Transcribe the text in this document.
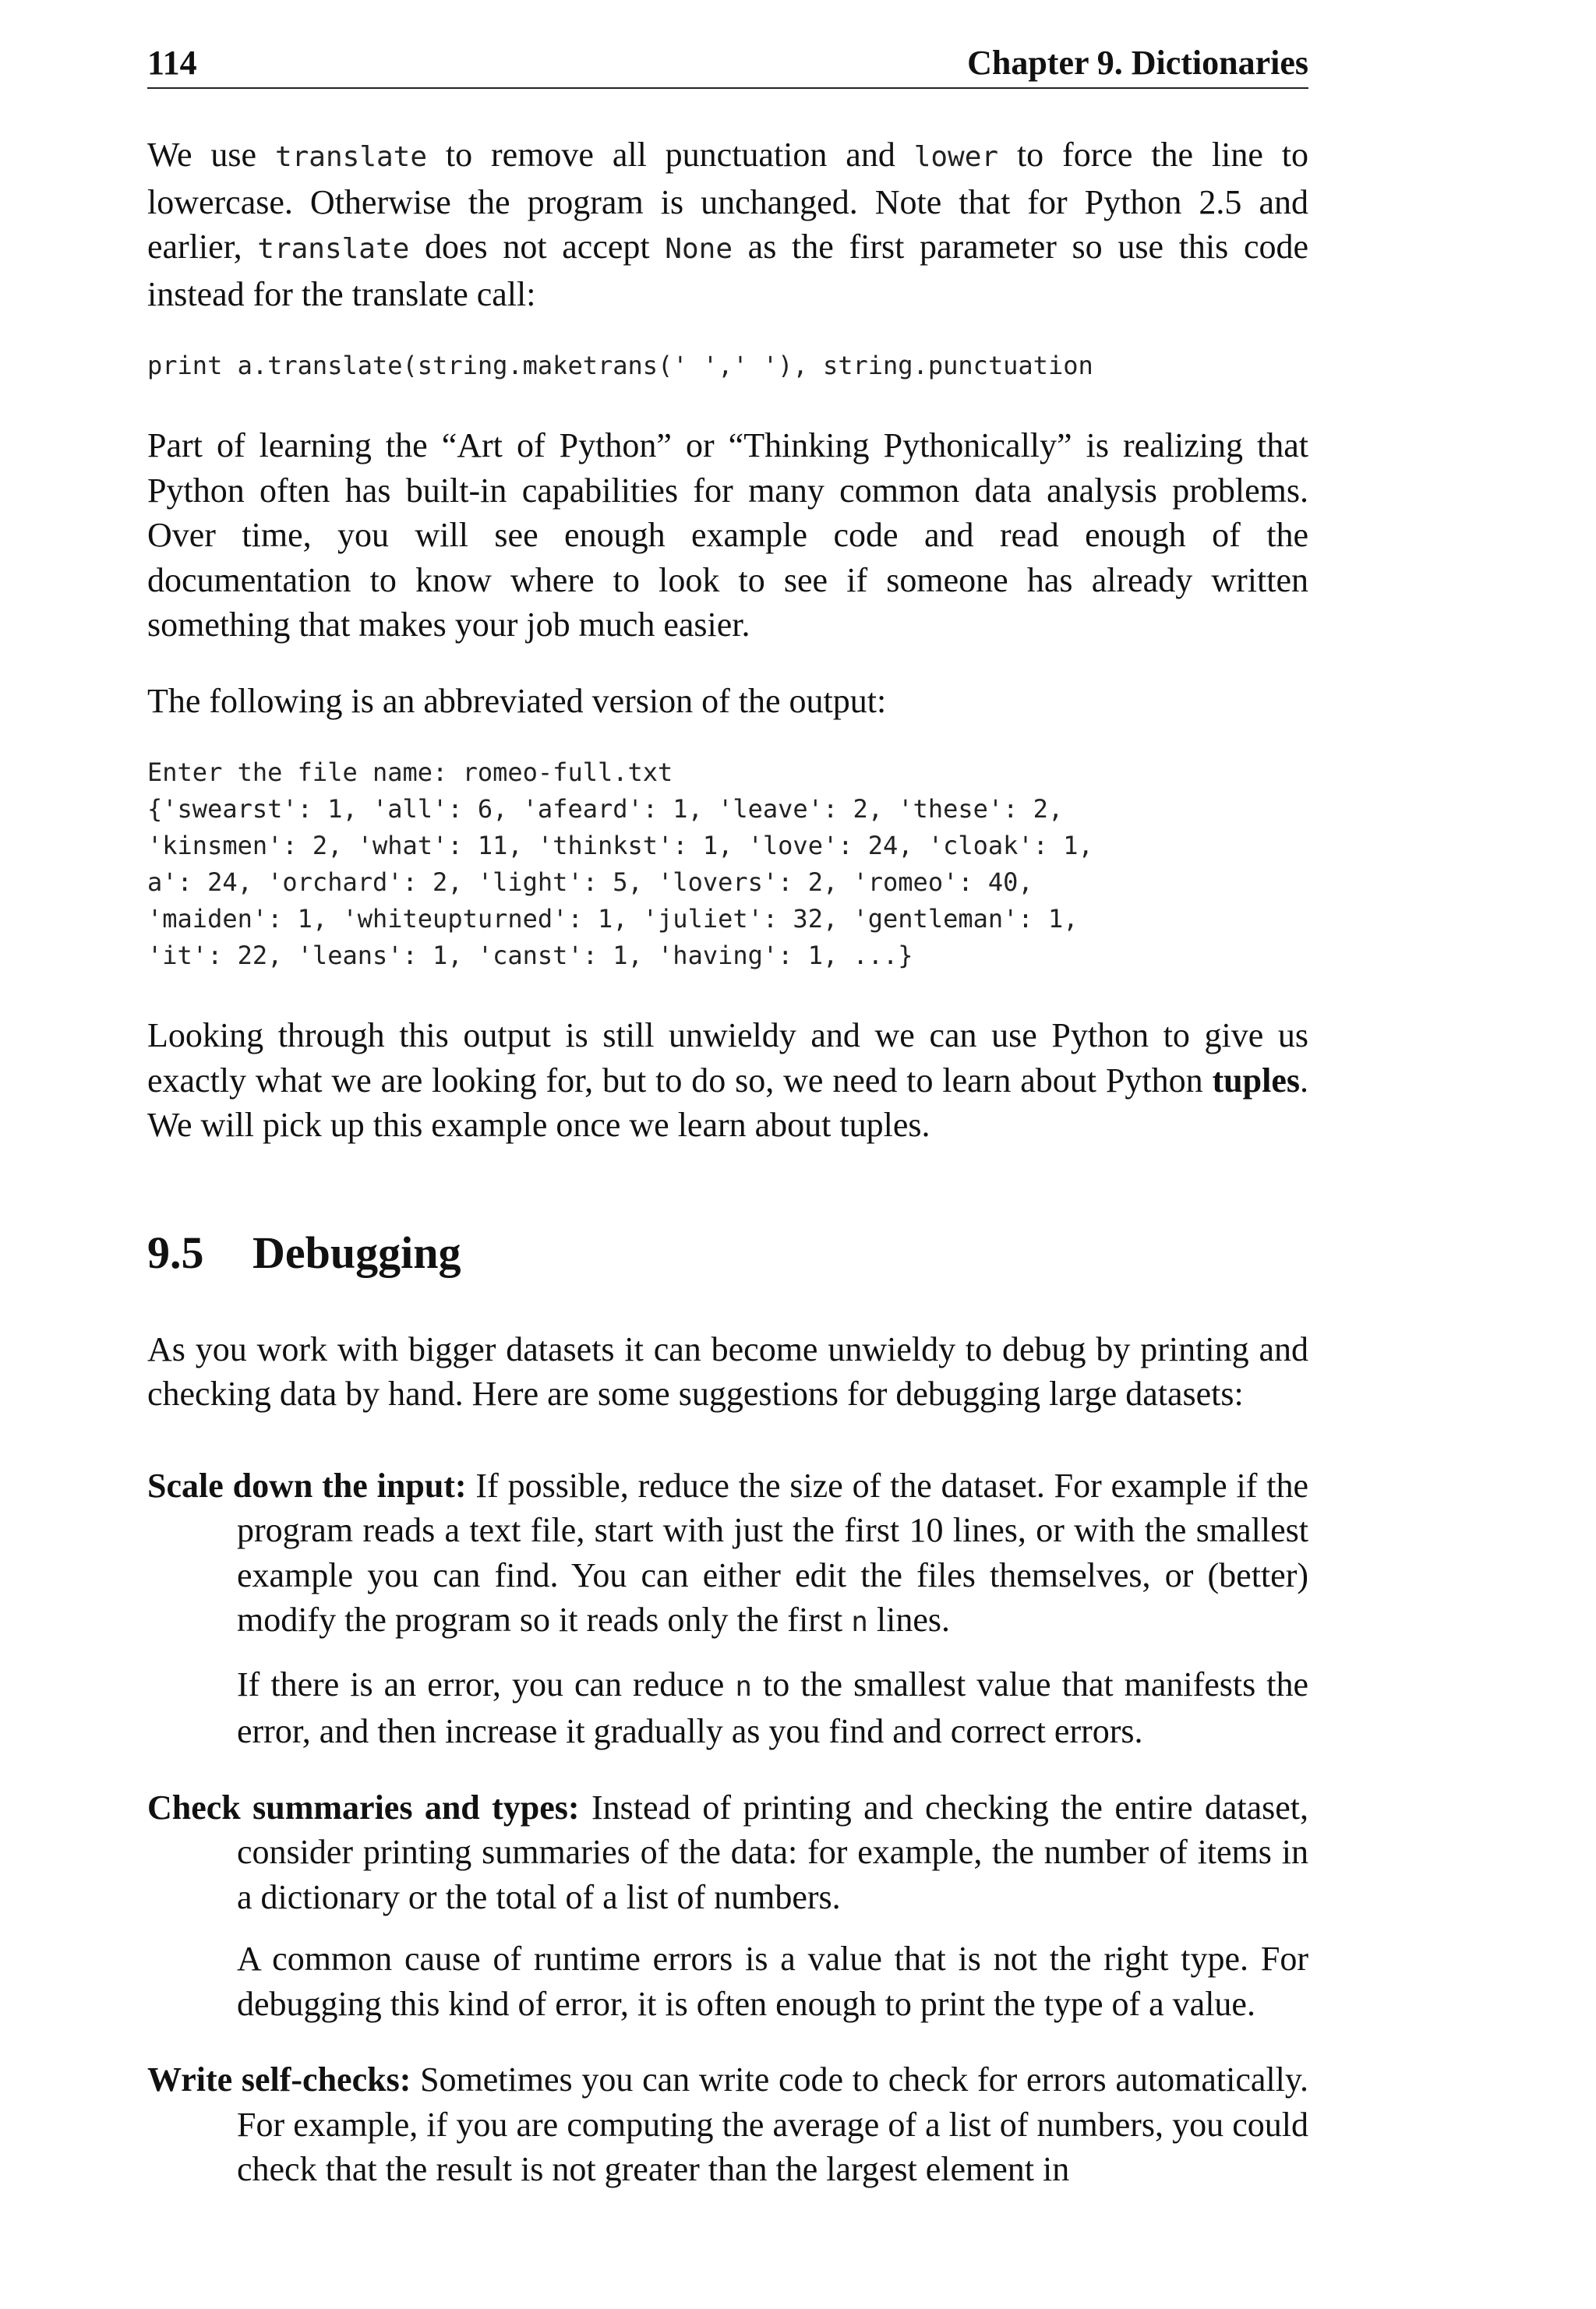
114	Chapter 9. Dictionaries

We use translate to remove all punctuation and lower to force the line to lowercase. Otherwise the program is unchanged. Note that for Python 2.5 and earlier, translate does not accept None as the first parameter so use this code instead for the translate call:

print a.translate(string.maketrans(' ',' '), string.punctuation

Part of learning the “Art of Python” or “Thinking Pythonically” is realizing that Python often has built-in capabilities for many common data analysis problems. Over time, you will see enough example code and read enough of the documentation to know where to look to see if someone has already written something that makes your job much easier.

The following is an abbreviated version of the output:

Enter the file name: romeo-full.txt
{'swearst': 1, 'all': 6, 'afeard': 1, 'leave': 2, 'these': 2,
'kinsmen': 2, 'what': 11, 'thinkst': 1, 'love': 24, 'cloak': 1,
a': 24, 'orchard': 2, 'light': 5, 'lovers': 2, 'romeo': 40,
'maiden': 1, 'whiteupturned': 1, 'juliet': 32, 'gentleman': 1,
'it': 22, 'leans': 1, 'canst': 1, 'having': 1, ...}

Looking through this output is still unwieldy and we can use Python to give us exactly what we are looking for, but to do so, we need to learn about Python tuples. We will pick up this example once we learn about tuples.

9.5 Debugging

As you work with bigger datasets it can become unwieldy to debug by printing and checking data by hand. Here are some suggestions for debugging large datasets:

Scale down the input: If possible, reduce the size of the dataset. For example if the program reads a text file, start with just the first 10 lines, or with the smallest example you can find. You can either edit the files themselves, or (better) modify the program so it reads only the first n lines.

If there is an error, you can reduce n to the smallest value that manifests the error, and then increase it gradually as you find and correct errors.

Check summaries and types: Instead of printing and checking the entire dataset, consider printing summaries of the data: for example, the number of items in a dictionary or the total of a list of numbers.

A common cause of runtime errors is a value that is not the right type. For debugging this kind of error, it is often enough to print the type of a value.

Write self-checks: Sometimes you can write code to check for errors automatically. For example, if you are computing the average of a list of numbers, you could check that the result is not greater than the largest element in
